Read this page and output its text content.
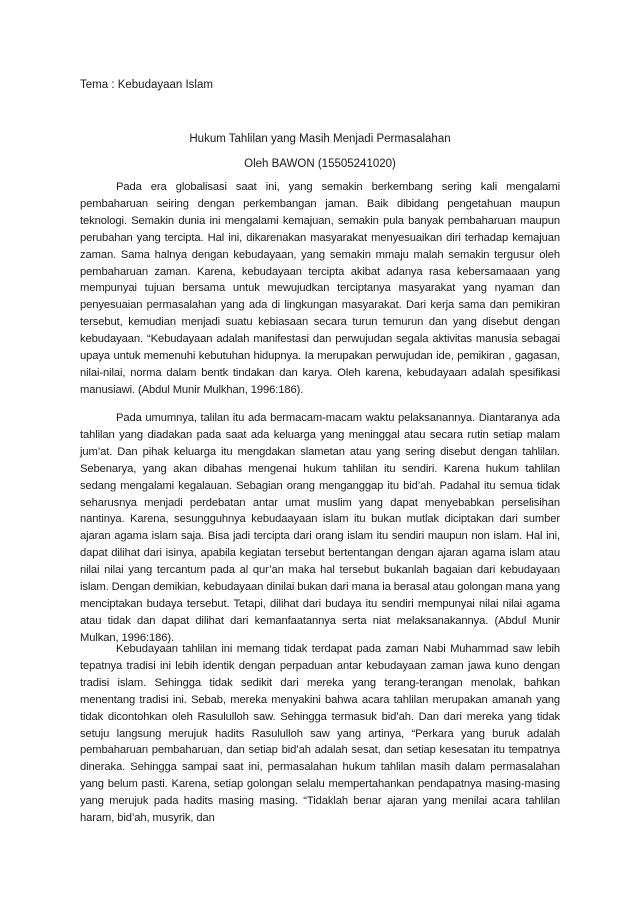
Tema : Kebudayaan Islam
Hukum Tahlilan yang Masih Menjadi Permasalahan
Oleh BAWON (15505241020)

Pada era globalisasi saat ini, yang semakin berkembang sering kali mengalami pembaharuan seiring dengan perkembangan jaman. Baik dibidang pengetahuan maupun teknologi. Semakin dunia ini mengalami kemajuan, semakin pula banyak pembaharuan maupun perubahan yang tercipta. Hal ini, dikarenakan masyarakat menyesuaikan diri terhadap kemajuan zaman. Sama halnya dengan kebudayaan, yang semakin mmaju malah semakin tergusur oleh pembaharuan zaman. Karena, kebudayaan tercipta akibat adanya rasa kebersamaaan yang mempunyai tujuan bersama untuk mewujudkan terciptanya masyarakat yang nyaman dan penyesuaian permasalahan yang ada di lingkungan masyarakat. Dari kerja sama dan pemikiran tersebut, kemudian menjadi suatu kebiasaan secara turun temurun dan yang disebut dengan kebudayaan. “Kebudayaan adalah manifestasi dan perwujudan segala aktivitas manusia sebagai upaya untuk memenuhi kebutuhan hidupnya. Ia merupakan perwujudan ide, pemikiran , gagasan, nilai-nilai, norma dalam bentk tindakan dan karya. Oleh karena, kebudayaan adalah spesifikasi manusiawi. (Abdul Munir Mulkhan, 1996:186).

Pada umumnya, talilan itu ada bermacam-macam waktu pelaksanannya. Diantaranya ada tahlilan yang diadakan pada saat ada keluarga yang meninggal atau secara rutin setiap malam jum’at. Dan pihak keluarga itu mengdakan slametan atau yang sering disebut dengan tahlilan. Sebenarya, yang akan dibahas mengenai hukum tahlilan itu sendiri. Karena hukum tahlilan sedang mengalami kegalauan. Sebagian orang menganggap itu bid’ah. Padahal itu semua tidak seharusnya menjadi perdebatan antar umat muslim yang dapat menyebabkan perselisihan nantinya. Karena, sesungguhnya kebudaayaan islam itu bukan mutlak diciptakan dari sumber ajaran agama islam saja. Bisa jadi tercipta dari orang islam itu sendiri maupun non islam. Hal ini, dapat dilihat dari isinya, apabila kegiatan tersebut bertentangan dengan ajaran agama islam atau nilai nilai yang tercantum pada al qur’an maka hal tersebut bukanlah bagaian dari kebudayaan islam. Dengan demikian, kebudayaan dinilai bukan dari mana ia berasal atau golongan mana yang menciptakan budaya tersebut. Tetapi, dilihat dari budaya itu sendiri mempunyai nilai nilai agama atau tidak dan dapat dilihat dari kemanfaatannya serta niat melaksanakannya. (Abdul Munir Mulkan, 1996:186).

Kebudayaan tahlilan ini memang tidak terdapat pada zaman Nabi Muhammad saw lebih tepatnya tradisi ini lebih identik dengan perpaduan antar kebudayaan zaman jawa kuno dengan tradisi islam. Sehingga tidak sedikit dari mereka yang terang-terangan menolak, bahkan menentang tradisi ini. Sebab, mereka menyakini bahwa acara tahlilan merupakan amanah yang tidak dicontohkan oleh Rasululloh saw. Sehingga termasuk bid’ah. Dan dari mereka yang tidak setuju langsung merujuk hadits Rasululloh saw yang artinya, “Perkara yang buruk adalah pembaharuan pembaharuan, dan setiap bid’ah adalah sesat, dan setiap kesesatan itu tempatnya dineraka. Sehingga sampai saat ini, permasalahan hukum tahlilan masih dalam permasalahan yang belum pasti. Karena, setiap golongan selalu mempertahankan pendapatnya masing-masing yang merujuk pada hadits masing masing. “Tidaklah benar ajaran yang menilai acara tahlilan haram, bid’ah, musyrik, dan
